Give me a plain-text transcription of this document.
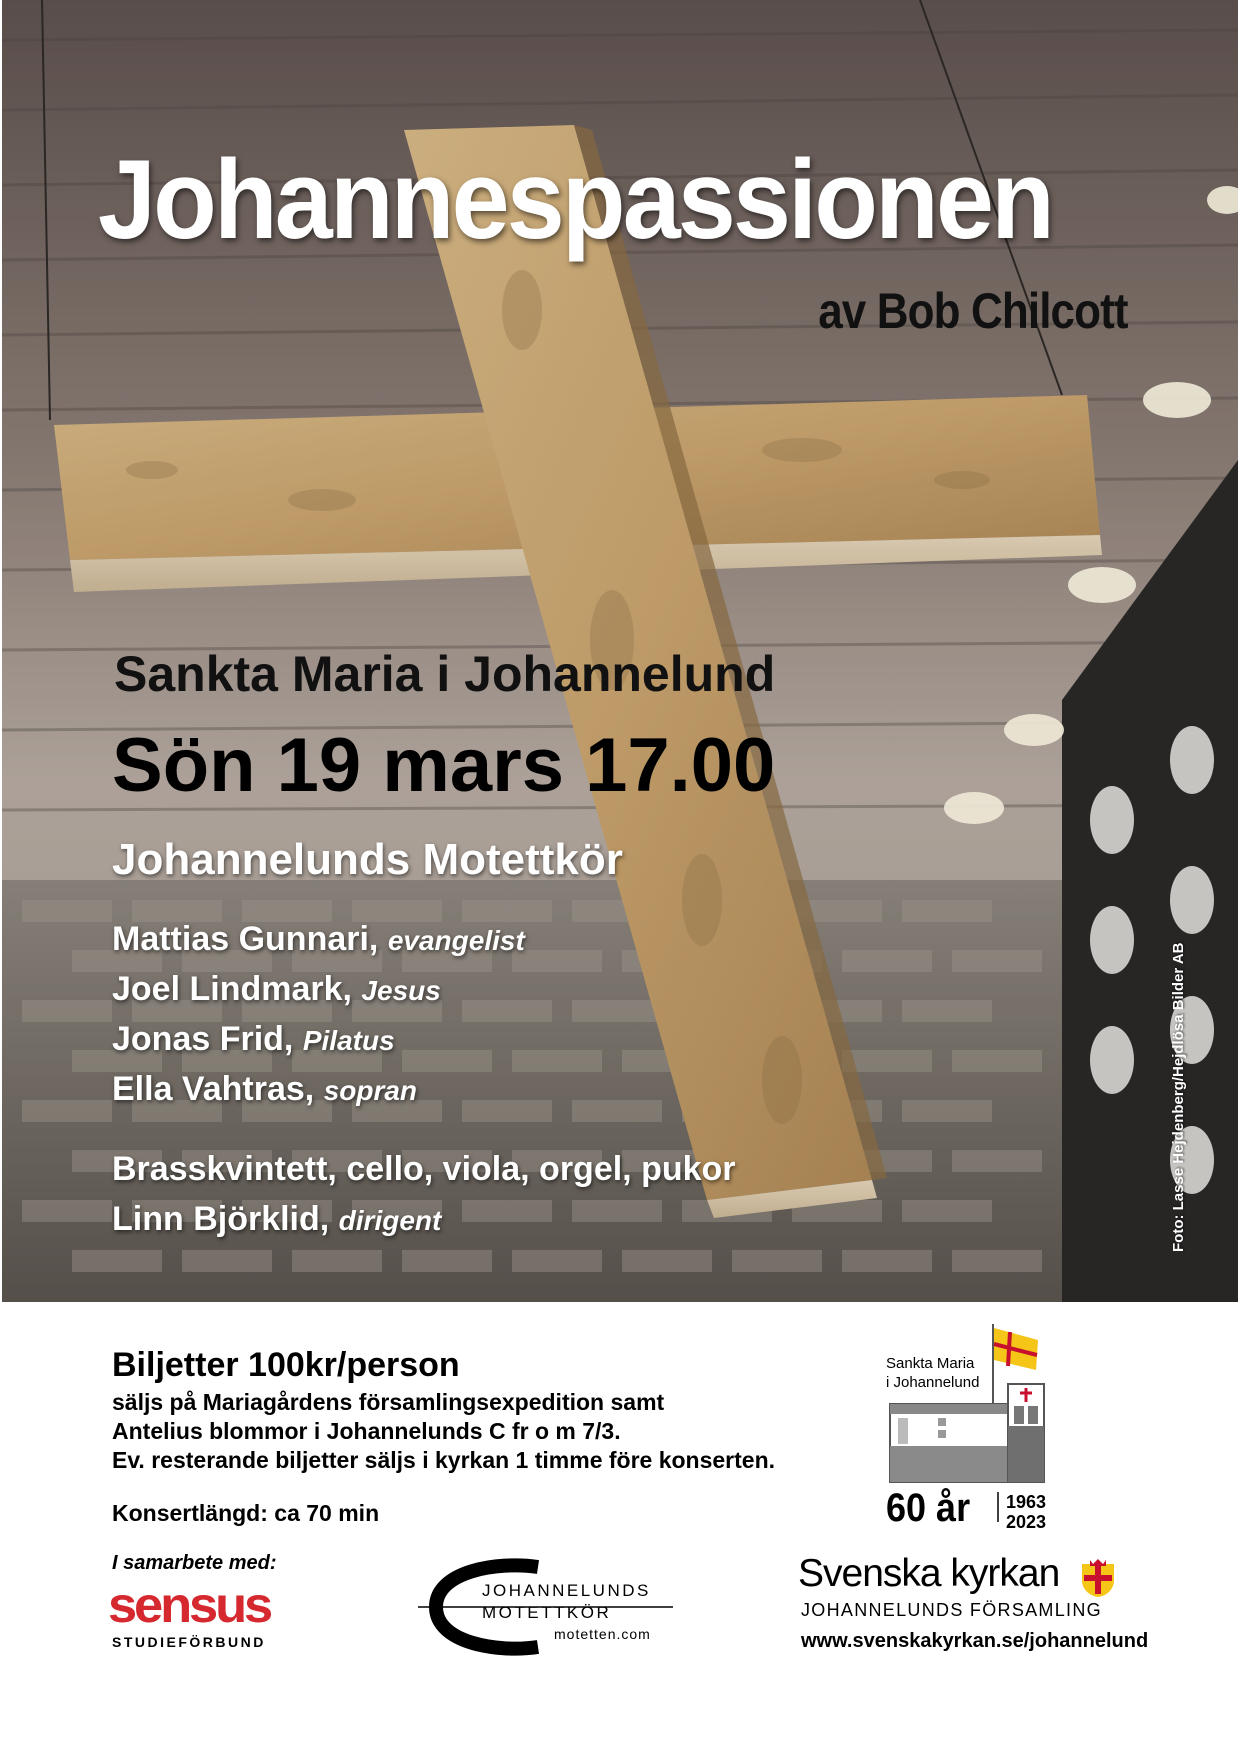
Johannespassionen
av Bob Chilcott
Sankta Maria i Johannelund
Sön 19 mars 17.00
Johannelunds Motettkör
Mattias Gunnari, evangelist
Joel Lindmark, Jesus
Jonas Frid, Pilatus
Ella Vahtras, sopran
Brasskvintett, cello, viola, orgel, pukor
Linn Björklid, dirigent	Foto: Lasse Hejdenberg/Hejdlösa Bilder AB
Biljetter 100kr/person
säljs på Mariagårdens församlingsexpedition samt
Antelius blommor i Johannelunds C fr o m 7/3.
Ev. resterande biljetter säljs i kyrkan 1 timme före konserten.
Konsertlängd: ca 70 min
I samarbete med:
sensus
STUDIEFÖRBUND
JOHANNELUNDS
MOTETTKÖR
motetten.com
Sankta Maria
i Johannelund
60 år 1963
2023
Svenska kyrkan
JOHANNELUNDS FÖRSAMLING
www.svenskakyrkan.se/johannelund
